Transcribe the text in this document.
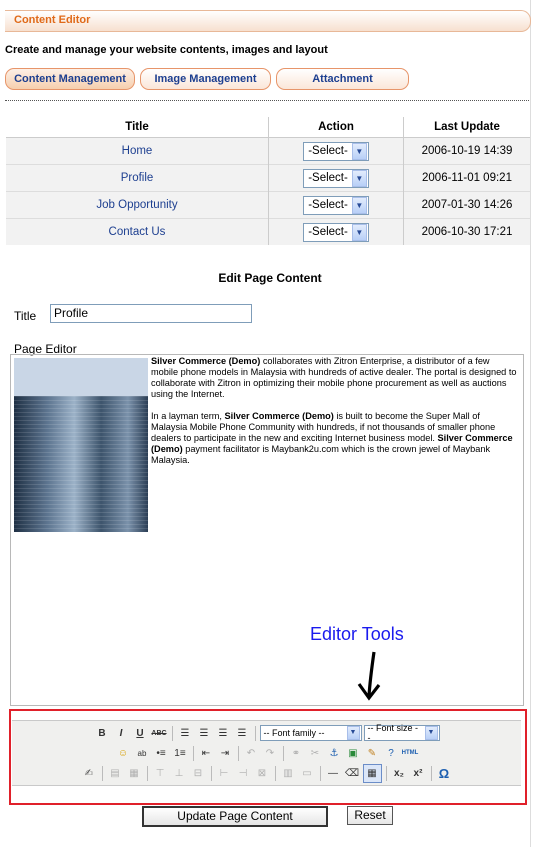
Content Editor
Create and manage your website contents, images and layout
Content Management	Image Management	Attachment
Title	Action	Last Update
Home	-Select- ▼	2006-10-19 14:39
Profile	-Select- ▼	2006-11-01 09:21
Job Opportunity	-Select- ▼	2007-01-30 14:26
Contact Us	-Select- ▼	2006-10-30 17:21
Edit Page Content
Title	Profile
Page Editor

Silver Commerce (Demo) collaborates with Zitron Enterprise, a distributor of a few mobile phone models in Malaysia with hundreds of active dealer. The portal is designed to collaborate with Zitron in optimizing their mobile phone procurement as well as auctions using the Internet.

In a layman term, Silver Commerce (Demo) is built to become the Super Mall of Malaysia Mobile Phone Community with hundreds, if not thousands of smaller phone dealers to participate in the new and exciting Internet business model. Silver Commerce (Demo) payment facilitator is Maybank2u.com which is the crown jewel of Maybank Malaysia.

Editor Tools
B	I	U	ABC	☰	☰	☰	☰	-- Font family --	▼	-- Font size --
▼
☺	ab •≡ 1≡	⇤	⇥	↶	↷	⚭	✂	⚓ ▣	✎	?	HTML
✍	▤ ▦	⊤	⊥	⊟	⊢	⊣	⊠	▥ ▭	— ⌫ ▦	x₂ x²	Ω
Update Page Content	Reset
